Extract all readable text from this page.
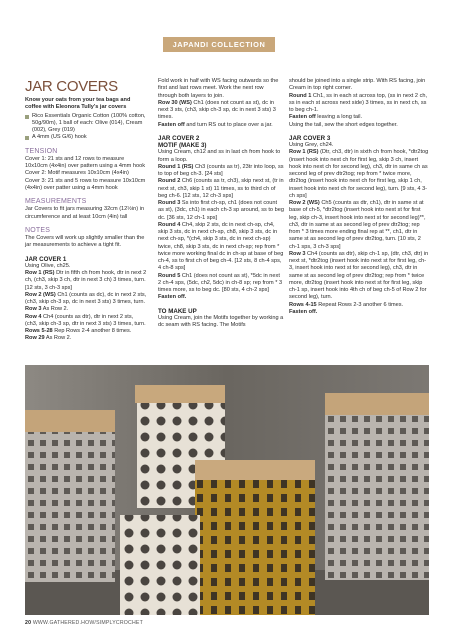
JAPANDI COLLECTION
JAR COVERS

Know your oats from your tea bags and coffee with Eleonora Tully's jar covers

Rico Essentials Organic Cotton (100% cotton, 50g/90m), 1 ball of each: Olive (014), Cream (002), Grey (019)

A 4mm (US G/6) hook

TENSION

Cover 1: 21 sts and 12 rows to measure 10x10cm (4x4in) over pattern using a 4mm hook
Cover 2: Motif measures 10x10cm (4x4in)
Cover 3: 21 sts and 5 rows to measure 10x10cm (4x4in) over patter using a 4mm hook

MEASUREMENTS

Jar Covers to fit jars measuring 32cm (12½in) in circumference and at least 10cm (4in) tall

NOTES

The Covers will work up slightly smaller than the jar measurements to achieve a tight fit.

JAR COVER 1

Using Olive, ch25.

Row 1 (RS) Dtr in fifth ch from hook, dtr in next 2 ch, (ch3, skip 3 ch, dtr in next 3 ch) 3 times, turn. [12 sts, 3 ch-3 sps]

Row 2 (WS) Ch1 (counts as dc), dc in next 2 sts, (ch3, skip ch-3 sp, dc in next 3 sts) 3 times, turn.

Row 3 As Row 2.

Row 4 Ch4 (counts as dtr), dtr in next 2 sts, (ch3, skip ch-3 sp, dtr in next 3 sts) 3 times, turn.

Rows 5-28 Rep Rows 2-4 another 8 times.

Row 29 As Row 2.

Fold work in half with WS facing outwards so the first and last rows meet. Work the next row through both layers to join.

Row 30 (WS) Ch1 (does not count as st), dc in next 3 sts, (ch3, skip ch-3 sp, dc in next 3 sts) 3 times.

Fasten off and turn RS out to place over a jar.

JAR COVER 2
MOTIF (MAKE 3)

Using Cream, ch12 and ss in last ch from hook to form a loop.

Round 1 (RS) Ch3 (counts as tr), 23tr into loop, ss to top of beg ch-3. [24 sts]

Round 2 Ch6 (counts as tr, ch3), skip next st, (tr in next st, ch3, skip 1 st) 11 times, ss to third ch of beg ch-6. [12 sts, 12 ch-3 sps]

Round 3 Ss into first ch-sp, ch1 (does not count as st), (3dc, ch1) in each ch-3 sp around, ss to beg dc. [36 sts, 12 ch-1 sps]

Round 4 Ch4, skip 2 sts, dc in next ch-sp, ch4, skip 3 sts, dc in next ch-sp, ch8, skip 3 sts, dc in next ch-sp, *(ch4, skip 3 sts, dc in next ch-sp) twice, ch8, skip 3 sts, dc in next ch-sp; rep from * twice more working final dc in ch-sp at base of beg ch-4, ss to first ch of beg ch-4. [12 sts, 8 ch-4 sps, 4 ch-8 sps]

Round 5 Ch1 (does not count as st), *5dc in next 2 ch-4 sps, (5dc, ch2, 5dc) in ch-8 sp; rep from * 3 times more, ss to beg dc. [80 sts, 4 ch-2 sps]

Fasten off.

TO MAKE UP

Using Cream, join the Motifs together by working a dc seam with RS facing. The Motifs

should be joined into a single strip. With RS facing, join Cream in top right corner.

Round 1 Ch1, ss in each st across top, (ss in next 2 ch, ss in each st across next side) 3 times, ss in next ch, ss to beg ch-1.

Fasten off leaving a long tail.

Using the tail, sew the short edges together.

JAR COVER 3

Using Grey, ch24.

Row 1 (RS) (Dtr, ch3, dtr) in sixth ch from hook, *dtr2tog (insert hook into next ch for first leg, skip 3 ch, insert hook into next ch for second leg), ch3, dtr in same ch as second leg of prev dtr2tog; rep from * twice more, dtr2tog (insert hook into next ch for first leg, skip 1 ch, insert hook into next ch for second leg), turn. [9 sts, 4 3-ch sps]

Row 2 (WS) Ch5 (counts as dtr, ch1), dtr in same st at base of ch-5, *dtr2tog (insert hook into next st for first leg, skip ch-3, insert hook into next st for second leg)**, ch3, dtr in same st as second leg of prev dtr2tog; rep from * 3 times more ending final rep at **, ch1, dtr in same st as second leg of prev dtr2tog, turn. [10 sts, 2 ch-1 sps, 3 ch-3 sps]

Row 3 Ch4 (counts as dtr), skip ch-1 sp, (dtr, ch3, dtr) in next st, *dtr2tog (insert hook into next st for first leg, ch-3, insert hook into next st for second leg), ch3, dtr in same st as second leg of prev dtr2tog; rep from * twice more, dtr2tog (insert hook into next st for first leg, skip ch-1 sp, insert hook into 4th ch of beg ch-5 of Row 2 for second leg), turn.

Rows 4-15 Repeat Rows 2-3 another 6 times.

Fasten off.

20 WWW.GATHERED.HOW/SIMPLYCROCHET
